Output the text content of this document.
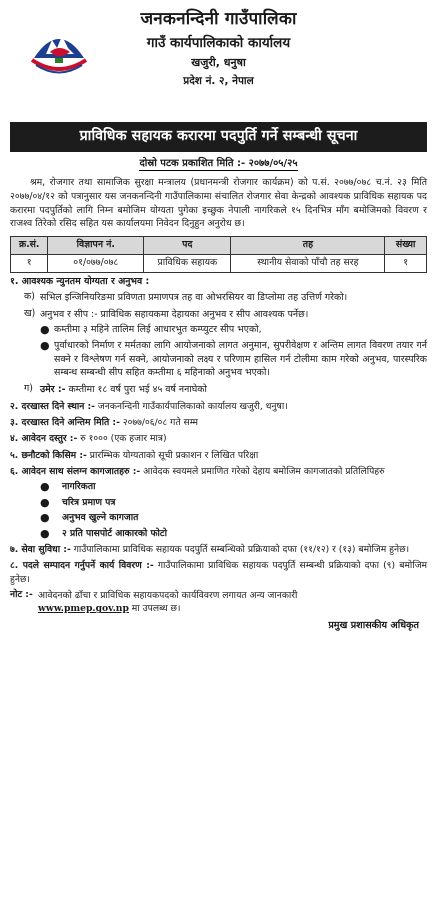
जनकनन्दिनी गाउँपालिका
गाउँ कार्यपालिकाको कार्यालय
खजुरी, धनुषा
प्रदेश नं. २, नेपाल
प्राविधिक सहायक करारमा पदपुर्ति गर्ने सम्बन्धी सूचना
दोस्रो पटक प्रकाशित मिति :- २०७७/०५/२५

श्रम, रोजगार तथा सामाजिक सुरक्षा मन्त्रालय (प्रधानमन्त्री रोजगार कार्यक्रम) को प.सं. २०७७/०७८ च.नं. २३ मिति २०७७/०४/१२ को पत्रानुसार यस जनकनन्दिनी गाउँपालिकामा संचालित रोजगार सेवा केन्द्रको आवश्यक प्राविधिक सहायक पद करारमा पदपुर्तिको लागि निम्न बमोजिम योग्यता पुगेका इच्छुक नेपाली नागरिकले १५ दिनभित्र माँग बमोजिमको विवरण र राजश्व तिरेको रसिद सहित यस कार्यालयमा निवेदन दिनुहुन अनुरोध छ।

क्र.सं.	विज्ञापन नं.	पद	तह	संख्या
१	०१/०७७/०७८	प्राविधिक सहायक	स्थानीय सेवाको पाँचौ तह सरह	१
१. आवश्यक न्युनतम योग्यता र अनुभव :
क) सभिल इन्जिनियरिङमा प्रविणता प्रमाणपत्र तह वा ओभरसियर वा डिप्लोमा तह उत्तिर्ण गरेको।
ख) अनुभव र सीप :- प्राविधिक सहायकमा देहायका अनुभव र सीप आवश्यक पर्नेछ।
● कम्तीमा ३ महिने तालिम लिई आधारभुत कम्प्युटर सीप भएको,
● पुर्वाधारको निर्माण र मर्मतका लागि आयोजनाको लागत अनुमान, सुपरीवेक्षण र अन्तिम लागत विवरण तयार गर्न सक्ने र विश्लेषण गर्न सक्ने, आयोजनाको लक्ष्य र परिणाम हासिल गर्न टोलीमा काम गरेको अनुभव, पारस्परिक सम्बन्ध सम्बन्धी सीप सहित कम्तीमा ६ महिनाको अनुभव भएको।
ग) उमेर :- कम्तीमा १८ वर्ष पुरा भई ४५ वर्ष ननाघेको
२. दरखास्त दिने स्थान :- जनकनन्दिनी गाउँकार्यपालिकाको कार्यालय खजुरी, धनुषा।
३. दरखास्त दिने अन्तिम मिति :- २०७७/०६/०८ गते सम्म
४. आवेदन दस्तुर :- रु १००० (एक हजार मात्र)
५. छनौटको किसिम :- प्रारम्भिक योग्यताको सूची प्रकाशन र लिखित परिक्षा
६. आवेदन साथ संलग्न कागजातहरु :- आवेदक स्वयमले प्रमाणित गरेको देहाय बमोजिम कागजातको प्रतिलिपिहरु
●	नागरिकता
●	चरित्र प्रमाण पत्र
●	अनुभव खुल्ने कागजात
●	२ प्रति पासपोर्ट आकारको फोटो
७. सेवा सुविधा :- गाउँपालिकामा प्राविधिक सहायक पदपुर्ति सम्बन्धिको प्रक्रियाको दफा (११/१२) र (१३) बमोजिम हुनेछ।
८. पदले सम्पादन गर्नुपर्ने कार्य विवरण :- गाउँपालिकामा प्राविधिक सहायक पदपुर्ति सम्बन्धी प्रक्रियाको दफा (९) बमोजिम हुनेछ।
नोट :- आवेदनको ढाँचा र प्राविधिक सहायकपदको कार्यविवरण लगायत अन्य जानकारी
www.pmep.gov.np मा उपलब्ध छ।
प्रमुख प्रशासकीय अधिकृत
